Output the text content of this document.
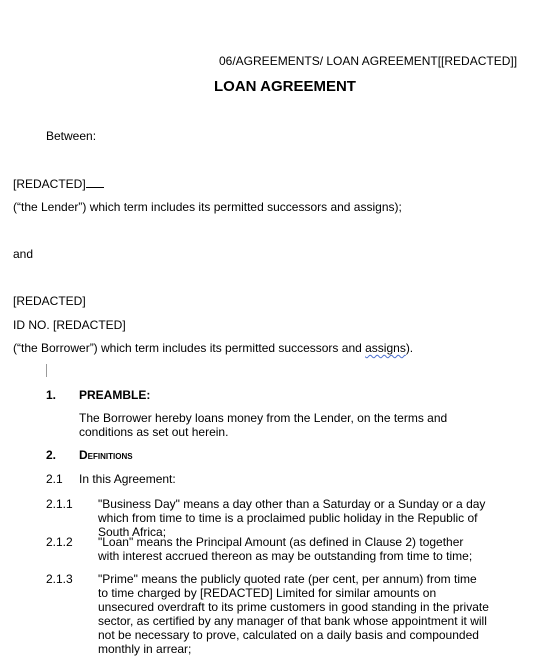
06/AGREEMENTS/ LOAN AGREEMENT[[REDACTED]]
LOAN AGREEMENT
Between:
[REDACTED]
(“the Lender”) which term includes its permitted successors and assigns);
and
[REDACTED]
ID NO. [REDACTED]
(“the Borrower”) which term includes its permitted successors and assigns).
1. PREAMBLE:
The Borrower hereby loans money from the Lender, on the terms and conditions as set out herein.
2. Definitions
2.1 In this Agreement:
2.1.1 "Business Day" means a day other than a Saturday or a Sunday or a day which from time to time is a proclaimed public holiday in the Republic of South Africa;
2.1.2 "Loan" means the Principal Amount (as defined in Clause 2) together with interest accrued thereon as may be outstanding from time to time;
2.1.3 "Prime" means the publicly quoted rate (per cent, per annum) from time to time charged by [REDACTED] Limited for similar amounts on unsecured overdraft to its prime customers in good standing in the private sector, as certified by any manager of that bank whose appointment it will not be necessary to prove, calculated on a daily basis and compounded monthly in arrear;
